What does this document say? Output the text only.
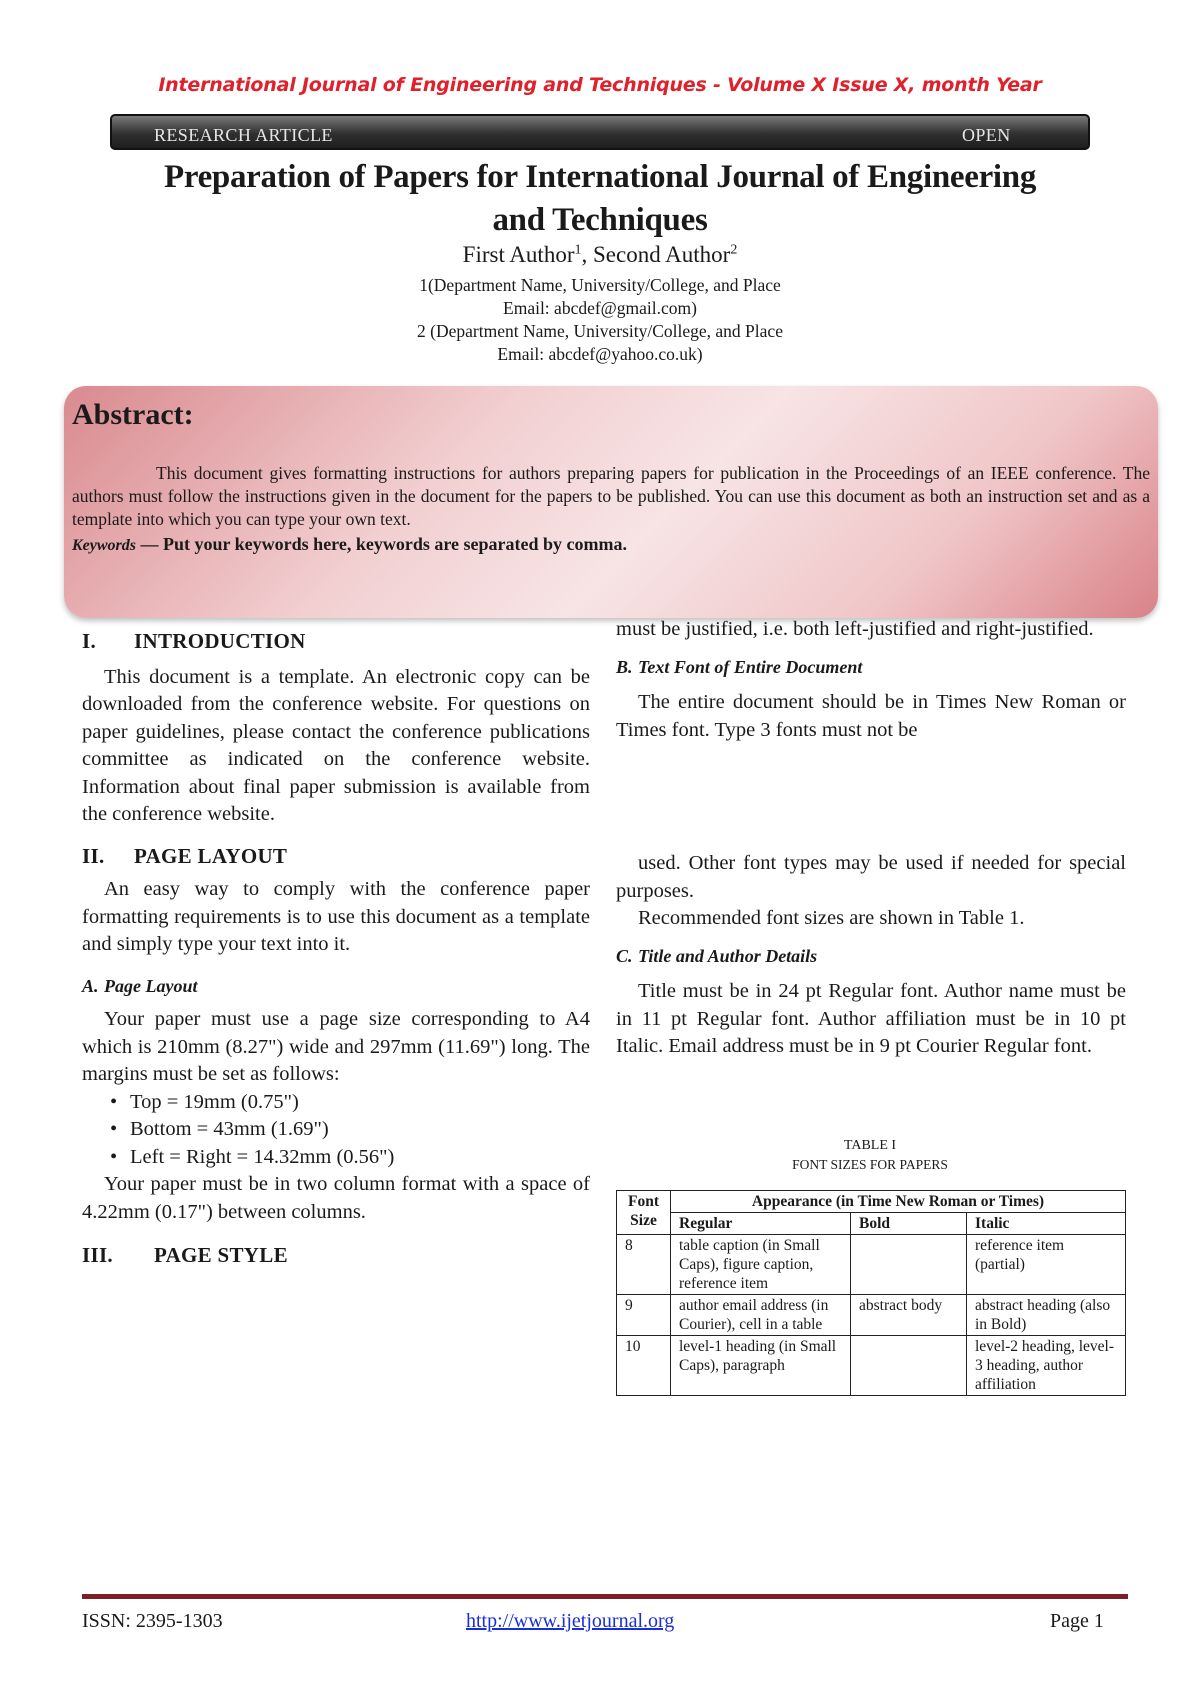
International Journal of Engineering and Techniques - Volume X Issue X, month Year
RESEARCH ARTICLE	OPEN
Preparation of Papers for International Journal of Engineering
and Techniques
First Author$^1$, Second Author$^2$
1(Department Name, University/College, and Place
Email: abcdef@gmail.com)
2 (Department Name, University/College, and Place
Email: abcdef@yahoo.co.uk)
Abstract:
This document gives formatting instructions for authors preparing papers for publication in the Proceedings of an IEEE conference. The authors must follow the instructions given in the document for the papers to be published. You can use this document as both an instruction set and as a template into which you can type your own text.
Keywords — Put your keywords here, keywords are separated by comma.
I. INTRODUCTION

This document is a template. An electronic copy can be downloaded from the conference website. For questions on paper guidelines, please contact the conference publications committee as indicated on the conference website. Information about final paper submission is available from the conference website.

II. PAGE LAYOUT

An easy way to comply with the conference paper formatting requirements is to use this document as a template and simply type your text into it.

A. Page Layout

Your paper must use a page size corresponding to A4 which is 210mm (8.27") wide and 297mm (11.69") long. The margins must be set as follows:

• Top = 19mm (0.75")
• Bottom = 43mm (1.69")
• Left = Right = 14.32mm (0.56")

Your paper must be in two column format with a space of 4.22mm (0.17") between columns.

III. PAGE STYLE

must be justified, i.e. both left-justified and right-justified.

B. Text Font of Entire Document

The entire document should be in Times New Roman or Times font. Type 3 fonts must not be

used. Other font types may be used if needed for special purposes.

Recommended font sizes are shown in Table 1.

C. Title and Author Details

Title must be in 24 pt Regular font. Author name must be in 11 pt Regular font. Author affiliation must be in 10 pt Italic. Email address must be in 9 pt Courier Regular font.

TABLE I
FONT SIZES FOR PAPERS
Font
Size	Appearance (in Time New Roman or Times)		
	Regular	Bold	Italic
8	table caption (in Small Caps), figure caption, reference item		reference item (partial)
9	author email address (in Courier), cell in a table	abstract body	abstract heading (also in Bold)
10	level-1 heading (in Small Caps), paragraph		level-2 heading, level-3 heading, author affiliation
ISSN: 2395-1303	http://www.ijetjournal.org	Page 1
